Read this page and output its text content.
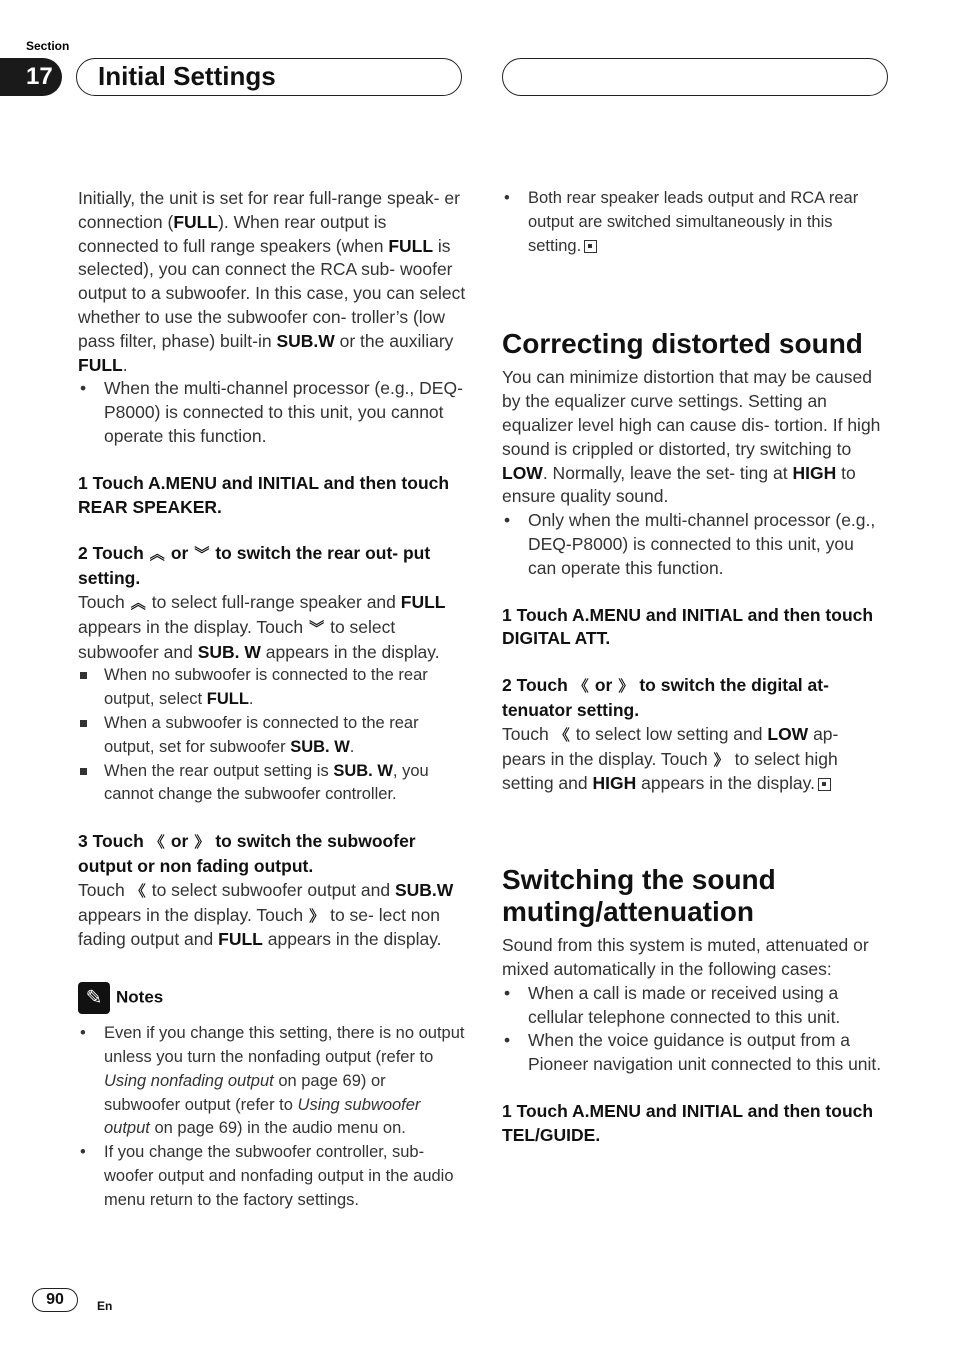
Section
17	Initial Settings

Initially, the unit is set for rear full-range speak- er connection (FULL). When rear output is connected to full range speakers (when FULL is selected), you can connect the RCA sub- woofer output to a subwoofer. In this case, you can select whether to use the subwoofer con- troller’s (low pass filter, phase) built-in SUB.W or the auxiliary FULL.

• When the multi-channel processor (e.g., DEQ-P8000) is connected to this unit, you cannot operate this function.

1 Touch A.MENU and INITIAL and then touch REAR SPEAKER.

2 Touch ︽ or ︾ to switch the rear out- put setting.

Touch ︽ to select full-range speaker and FULL appears in the display. Touch ︾ to select subwoofer and SUB. W appears in the display.

When no subwoofer is connected to the rear output, select FULL.
When a subwoofer is connected to the rear output, set for subwoofer SUB. W.
When the rear output setting is SUB. W, you cannot change the subwoofer controller.

3 Touch 《 or 》 to switch the subwoofer output or non fading output.

Touch 《 to select subwoofer output and SUB.W appears in the display. Touch 》 to se- lect non fading output and FULL appears in the display.

✎ Notes

• Even if you change this setting, there is no output unless you turn the nonfading output (refer to Using nonfading output on page 69) or subwoofer output (refer to Using subwoofer output on page 69) in the audio menu on.
• If you change the subwoofer controller, sub- woofer output and nonfading output in the audio menu return to the factory settings.
• Both rear speaker leads output and RCA rear output are switched simultaneously in this setting.

Correcting distorted sound

You can minimize distortion that may be caused by the equalizer curve settings. Setting an equalizer level high can cause dis- tortion. If high sound is crippled or distorted, try switching to LOW. Normally, leave the set- ting at HIGH to ensure quality sound.

• Only when the multi-channel processor (e.g., DEQ-P8000) is connected to this unit, you can operate this function.

1 Touch A.MENU and INITIAL and then touch DIGITAL ATT.

2 Touch 《 or 》 to switch the digital at- tenuator setting.

Touch 《 to select low setting and LOW ap- pears in the display. Touch 》 to select high setting and HIGH appears in the display.

Switching the sound muting/attenuation

Sound from this system is muted, attenuated or mixed automatically in the following cases:

• When a call is made or received using a cellular telephone connected to this unit.
• When the voice guidance is output from a Pioneer navigation unit connected to this unit.

1 Touch A.MENU and INITIAL and then touch TEL/GUIDE.

90	En
